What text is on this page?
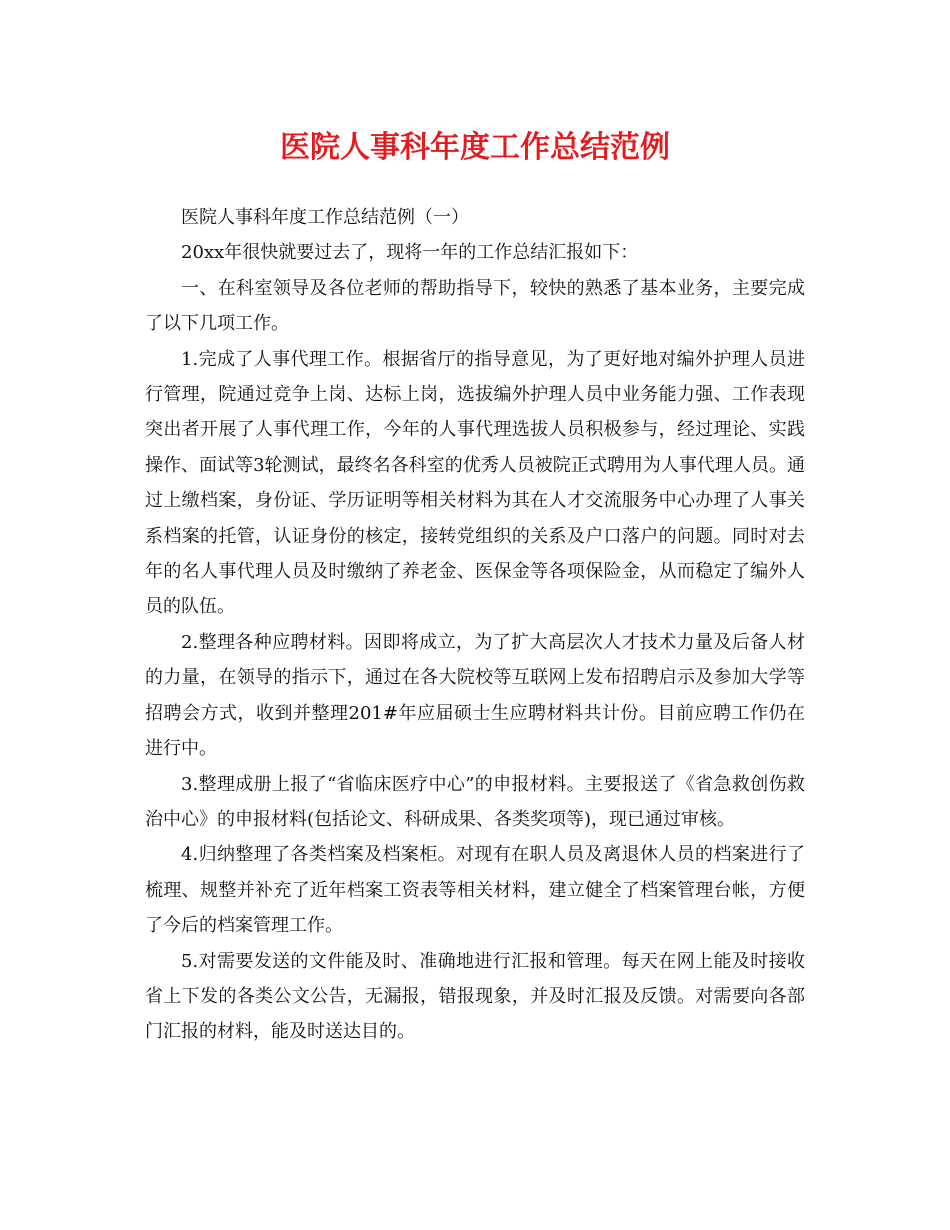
医院人事科年度工作总结范例

医院人事科年度工作总结范例（一）

20xx年很快就要过去了，现将一年的工作总结汇报如下：

一、在科室领导及各位老师的帮助指导下，较快的熟悉了基本业务，主要完成了以下几项工作。

1.完成了人事代理工作。根据省厅的指导意见，为了更好地对编外护理人员进行管理，院通过竞争上岗、达标上岗，选拔编外护理人员中业务能力强、工作表现突出者开展了人事代理工作，今年的人事代理选拔人员积极参与，经过理论、实践操作、面试等3轮测试，最终名各科室的优秀人员被院正式聘用为人事代理人员。通过上缴档案，身份证、学历证明等相关材料为其在人才交流服务中心办理了人事关系档案的托管，认证身份的核定，接转党组织的关系及户口落户的问题。同时对去年的名人事代理人员及时缴纳了养老金、医保金等各项保险金，从而稳定了编外人员的队伍。

2.整理各种应聘材料。因即将成立，为了扩大高层次人才技术力量及后备人材的力量，在领导的指示下，通过在各大院校等互联网上发布招聘启示及参加大学等招聘会方式，收到并整理201#年应届硕士生应聘材料共计份。目前应聘工作仍在进行中。

3.整理成册上报了“省临床医疗中心”的申报材料。主要报送了《省急救创伤救治中心》的申报材料(包括论文、科研成果、各类奖项等)，现已通过审核。

4.归纳整理了各类档案及档案柜。对现有在职人员及离退休人员的档案进行了梳理、规整并补充了近年档案工资表等相关材料，建立健全了档案管理台帐，方便了今后的档案管理工作。

5.对需要发送的文件能及时、准确地进行汇报和管理。每天在网上能及时接收省上下发的各类公文公告，无漏报，错报现象，并及时汇报及反馈。对需要向各部门汇报的材料，能及时送达目的。
